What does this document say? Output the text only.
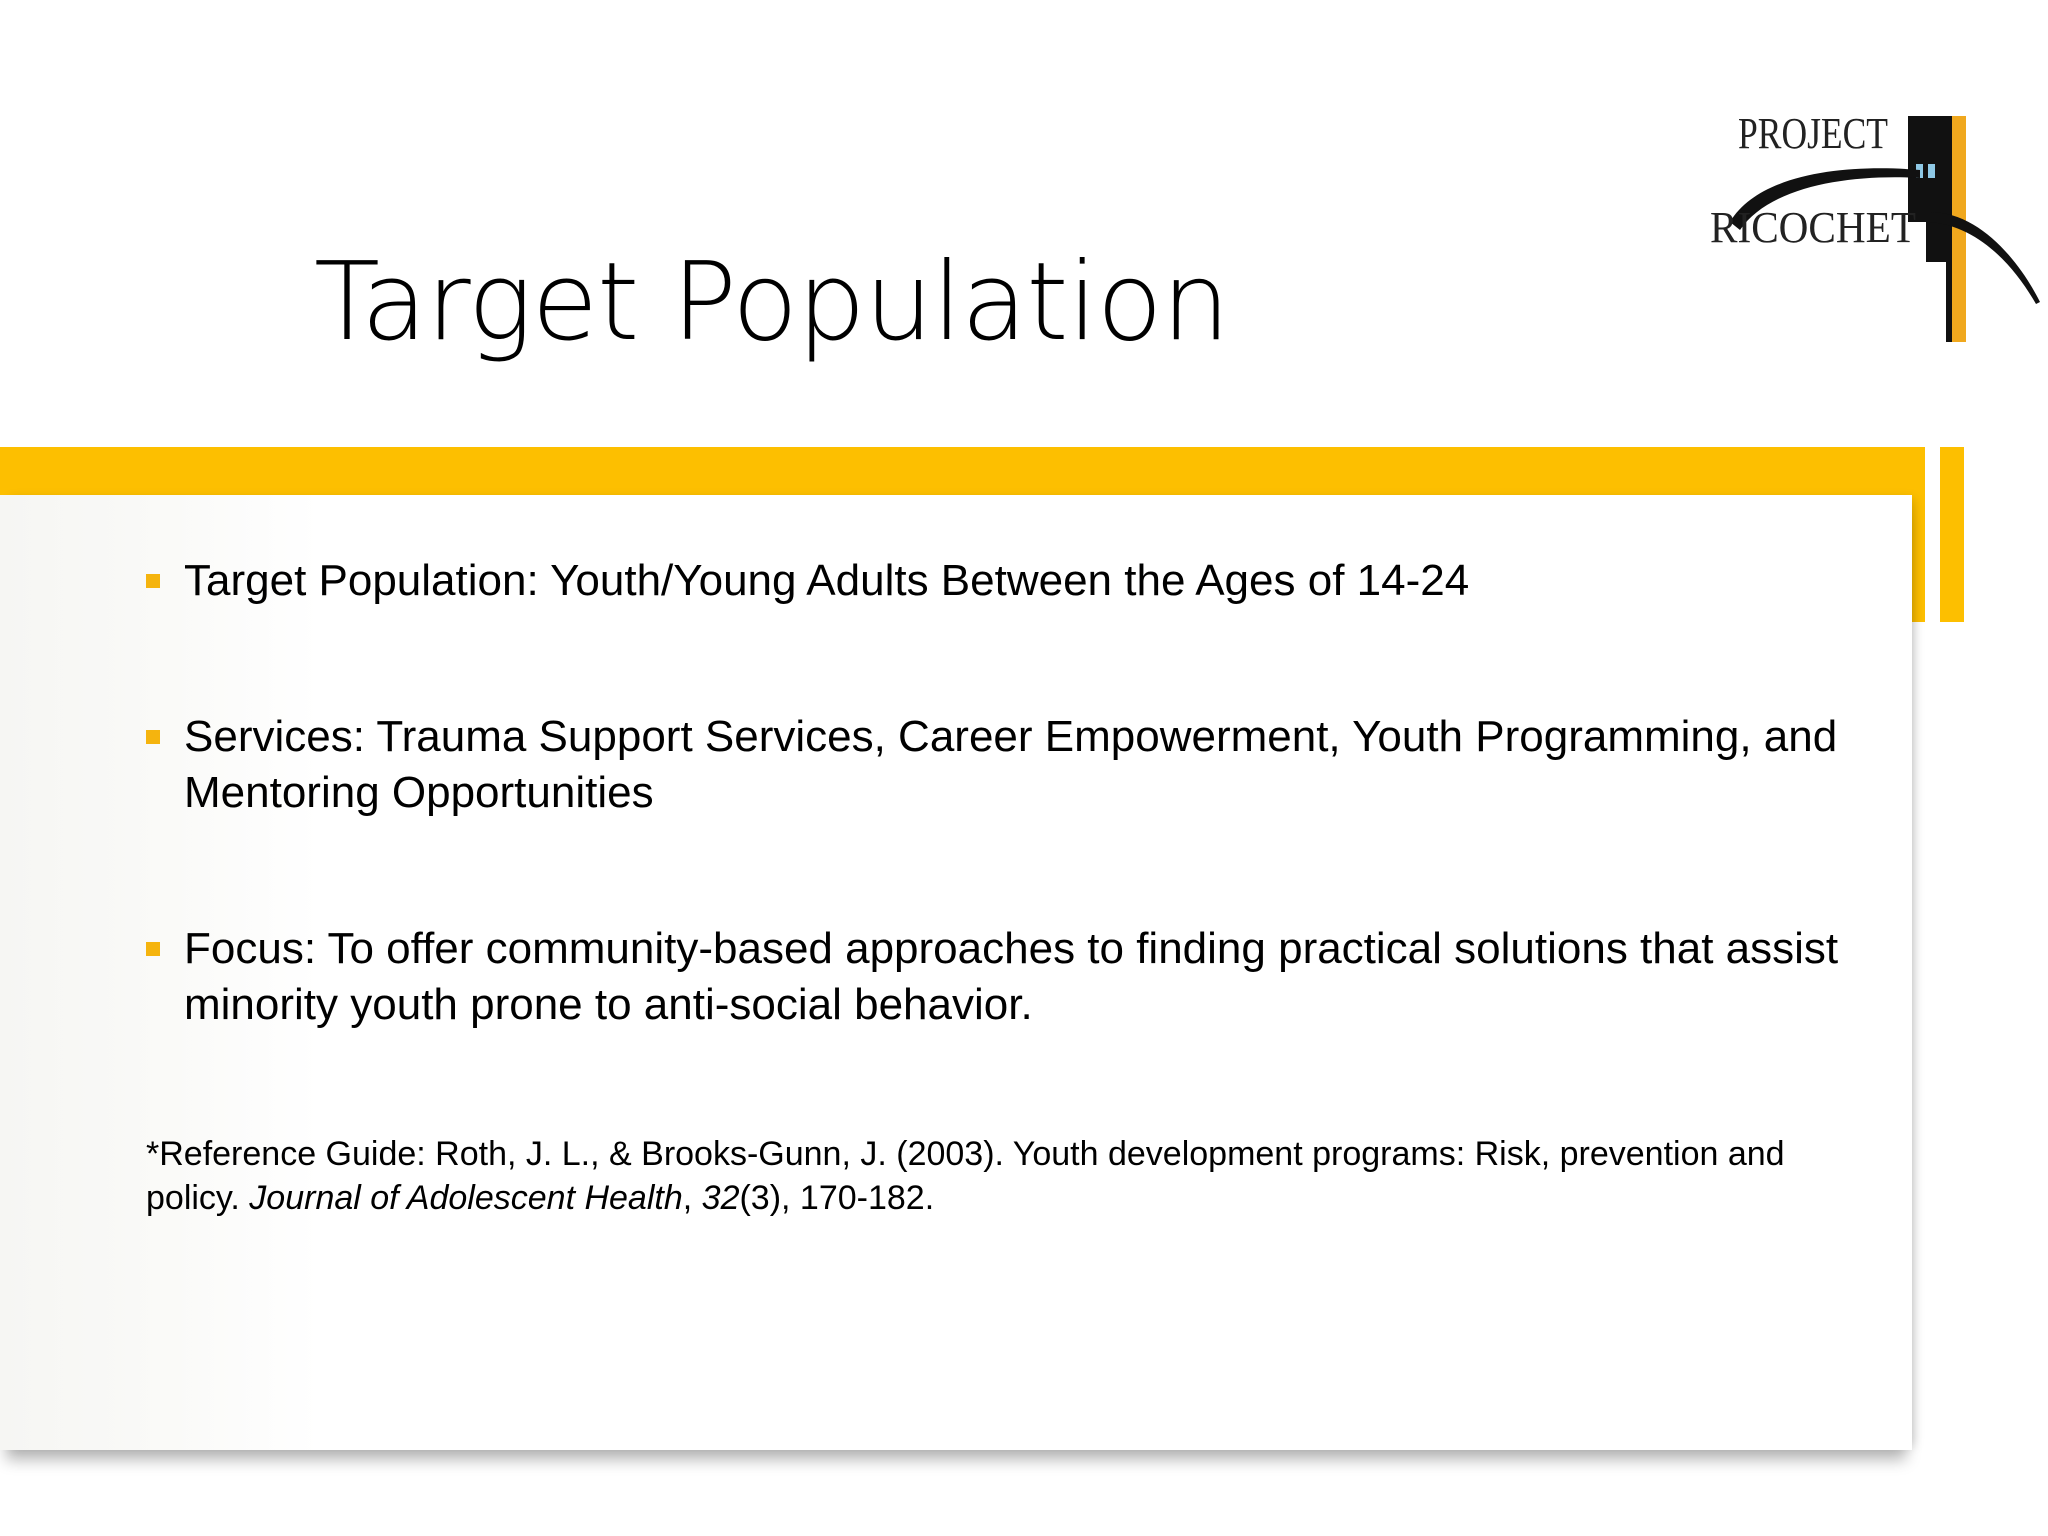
Target Population
PROJECT
RICOCHET
Target Population: Youth/Young Adults Between the Ages of 14-24
Services: Trauma Support Services, Career Empowerment, Youth Programming, and Mentoring Opportunities
Focus: To offer community-based approaches to finding practical solutions that assist minority youth prone to anti-social behavior.
*Reference Guide: Roth, J. L., & Brooks-Gunn, J. (2003). Youth development programs: Risk, prevention and policy. Journal of Adolescent Health, 32(3), 170-182.
